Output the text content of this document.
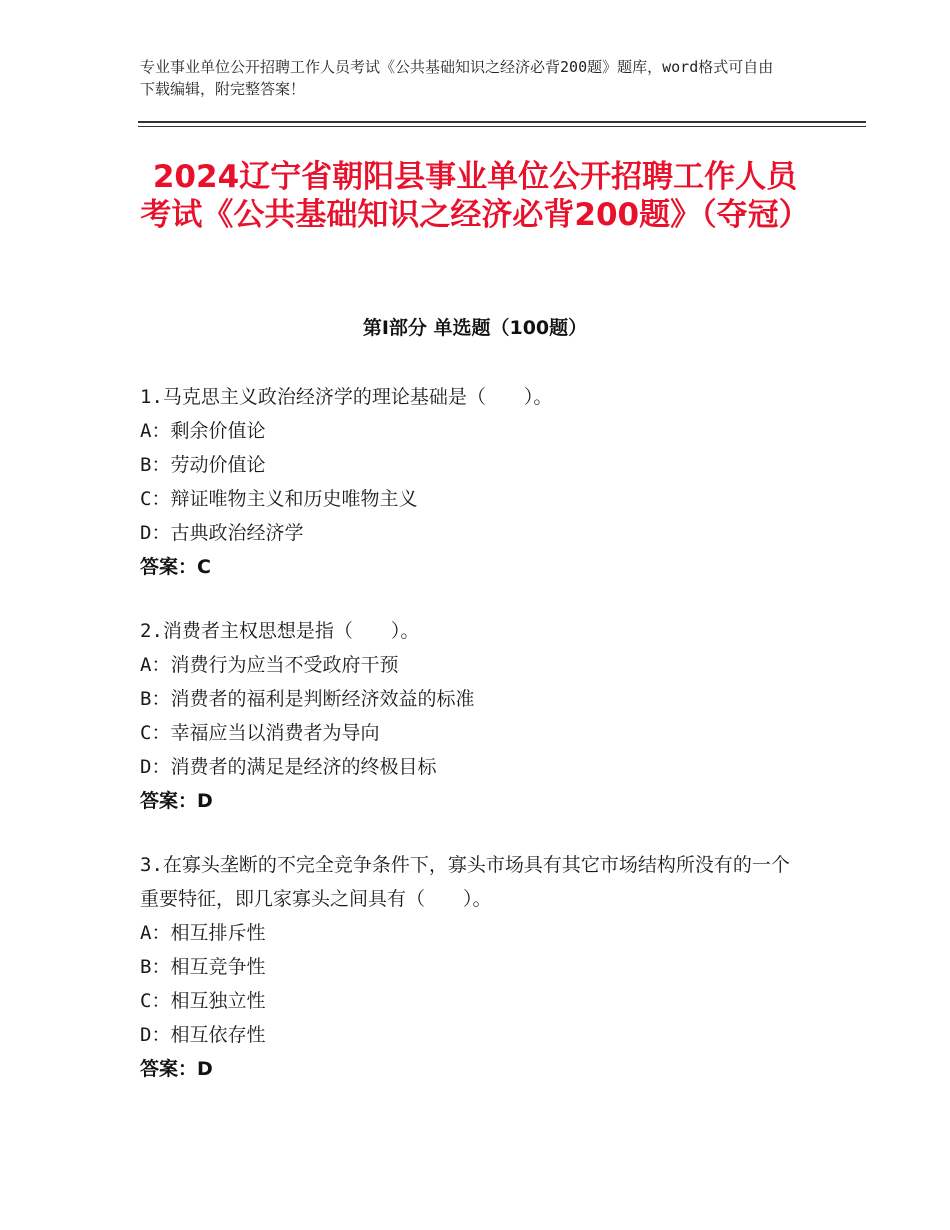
专业事业单位公开招聘工作人员考试《公共基础知识之经济必背200题》题库，word格式可自由下载编辑，附完整答案！
2024辽宁省朝阳县事业单位公开招聘工作人员考试《公共基础知识之经济必背200题》（夺冠）
第Ⅰ部分 单选题（100题）
1.马克思主义政治经济学的理论基础是（　　）。
A：剩余价值论
B：劳动价值论
C：辩证唯物主义和历史唯物主义
D：古典政治经济学
答案：C
2.消费者主权思想是指（　　）。
A：消费行为应当不受政府干预
B：消费者的福利是判断经济效益的标准
C：幸福应当以消费者为导向
D：消费者的满足是经济的终极目标
答案：D
3.在寡头垄断的不完全竞争条件下，寡头市场具有其它市场结构所没有的一个重要特征，即几家寡头之间具有（　　）。
A：相互排斥性
B：相互竞争性
C：相互独立性
D：相互依存性
答案：D
